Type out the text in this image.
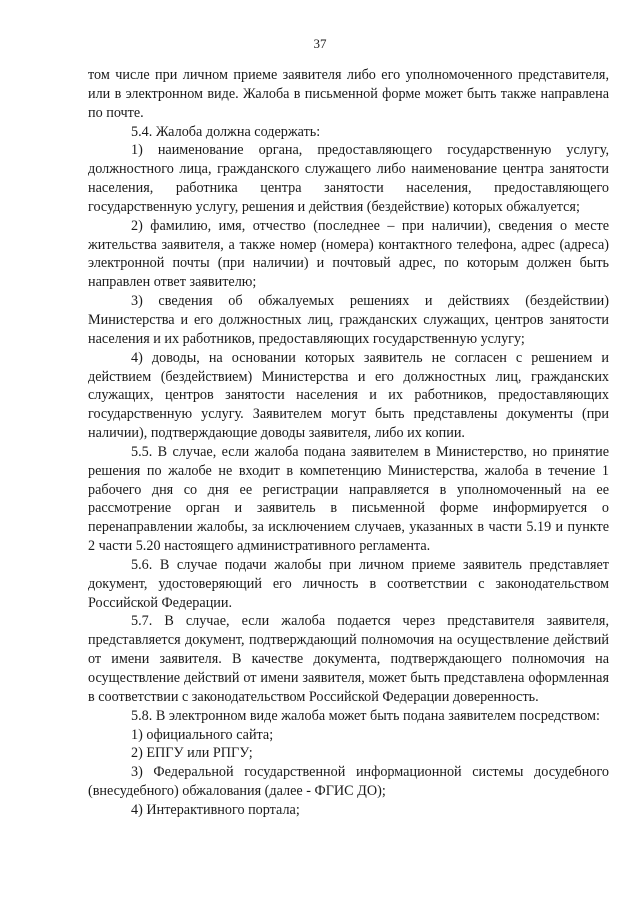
37

том числе при личном приеме заявителя либо его уполномоченного представителя, или в электронном виде. Жалоба в письменной форме может быть также направлена по почте.

5.4. Жалоба должна содержать:

1) наименование органа, предоставляющего государственную услугу, должностного лица, гражданского служащего либо наименование центра занятости населения, работника центра занятости населения, предоставляющего государственную услугу, решения и действия (бездействие) которых обжалуется;

2) фамилию, имя, отчество (последнее – при наличии), сведения о месте жительства заявителя, а также номер (номера) контактного телефона, адрес (адреса) электронной почты (при наличии) и почтовый адрес, по которым должен быть направлен ответ заявителю;

3) сведения об обжалуемых решениях и действиях (бездействии) Министерства и его должностных лиц, гражданских служащих, центров занятости населения и их работников, предоставляющих государственную услугу;

4) доводы, на основании которых заявитель не согласен с решением и действием (бездействием) Министерства и его должностных лиц, гражданских служащих, центров занятости населения и их работников, предоставляющих государственную услугу. Заявителем могут быть представлены документы (при наличии), подтверждающие доводы заявителя, либо их копии.

5.5. В случае, если жалоба подана заявителем в Министерство, но принятие решения по жалобе не входит в компетенцию Министерства, жалоба в течение 1 рабочего дня со дня ее регистрации направляется в уполномоченный на ее рассмотрение орган и заявитель в письменной форме информируется о перенаправлении жалобы, за исключением случаев, указанных в части 5.19 и пункте 2 части 5.20 настоящего административного регламента.

5.6. В случае подачи жалобы при личном приеме заявитель представляет документ, удостоверяющий его личность в соответствии с законодательством Российской Федерации.

5.7. В случае, если жалоба подается через представителя заявителя, представляется документ, подтверждающий полномочия на осуществление действий от имени заявителя. В качестве документа, подтверждающего полномочия на осуществление действий от имени заявителя, может быть представлена оформленная в соответствии с законодательством Российской Федерации доверенность.

5.8. В электронном виде жалоба может быть подана заявителем посредством:

1) официального сайта;

2) ЕПГУ или РПГУ;

3) Федеральной государственной информационной системы досудебного (внесудебного) обжалования (далее - ФГИС ДО);

4) Интерактивного портала;
